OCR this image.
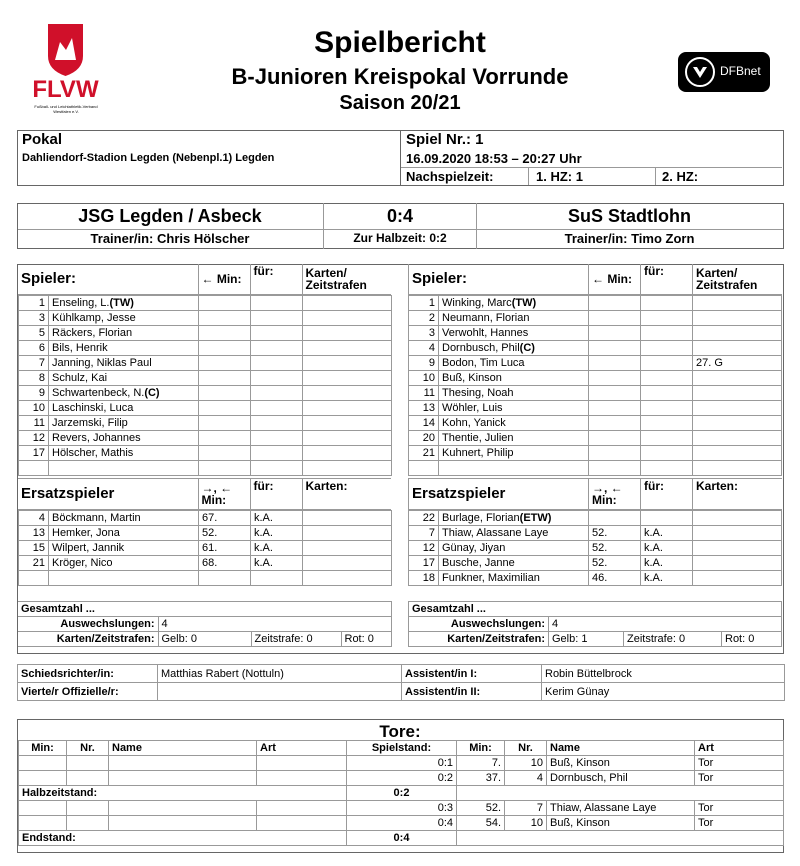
FLVW
Fußball- und Leichtathletik-Verband Westfalen e.V.
Spielbericht
B-Junioren Kreispokal Vorrunde
Saison 20/21
DFBnet
Pokal
Dahliendorf-Stadion Legden (Nebenpl.1) Legden
Spiel Nr.: 1
16.09.2020 18:53 – 20:27 Uhr
Nachspielzeit:	1. HZ: 1	2. HZ:
JSG Legden / Asbeck	0:4	SuS Stadtlohn
Trainer/in: Chris Hölscher	Zur Halbzeit: 0:2	Trainer/in: Timo Zorn
Spieler:	← Min:	für:	Karten/ Zeitstrafen
1	Enseling, L.(TW)			
3	Kühlkamp, Jesse			
5	Räckers, Florian			
6	Bils, Henrik			
7	Janning, Niklas Paul			
8	Schulz, Kai			
9	Schwartenbeck, N.(C)			
10	Laschinski, Luca			
11	Jarzemski, Filip			
12	Revers, Johannes			
17	Hölscher, Mathis			

Spieler:	← Min:	für:	Karten/ Zeitstrafen
1	Winking, Marc(TW)			
2	Neumann, Florian			
3	Verwohlt, Hannes			
4	Dornbusch, Phil(C)			
9	Bodon, Tim Luca			27. G
10	Buß, Kinson			
11	Thesing, Noah			
13	Wöhler, Luis			
14	Kohn, Yanick			
20	Thentie, Julien			
21	Kuhnert, Philip			

Ersatzspieler	→, ← Min:	für:	Karten:
4	Böckmann, Martin	67.	k.A.	
13	Hemker, Jona	52.	k.A.	
15	Wilpert, Jannik	61.	k.A.	
21	Kröger, Nico	68.	k.A.	

Ersatzspieler	→, ← Min:	für:	Karten:
22	Burlage, Florian(ETW)			
7	Thiaw, Alassane Laye	52.	k.A.	
12	Günay, Jiyan	52.	k.A.	
17	Busche, Janne	52.	k.A.	
18	Funkner, Maximilian	46.	k.A.	
Gesamtzahl ...			
Auswechslungen:	4		
Karten/Zeitstrafen:	Gelb: 0	Zeitstrafe: 0	Rot: 0
Gesamtzahl ...			
Auswechslungen:	4		
Karten/Zeitstrafen:	Gelb: 1	Zeitstrafe: 0	Rot: 0
Schiedsrichter/in:	Matthias Rabert (Nottuln)	Assistent/in I:	Robin Büttelbrock
Vierte/r Offizielle/r:		Assistent/in II:	Kerim Günay
Tore:
Min:	Nr.	Name	Art	Spielstand:	Min:	Nr.	Name	Art
				0:1	7.	10	Buß, Kinson	Tor
				0:2	37.	4	Dornbusch, Phil	Tor
Halbzeitstand:				0:2				
				0:3	52.	7	Thiaw, Alassane Laye	Tor
				0:4	54.	10	Buß, Kinson	Tor
Endstand:				0:4				
